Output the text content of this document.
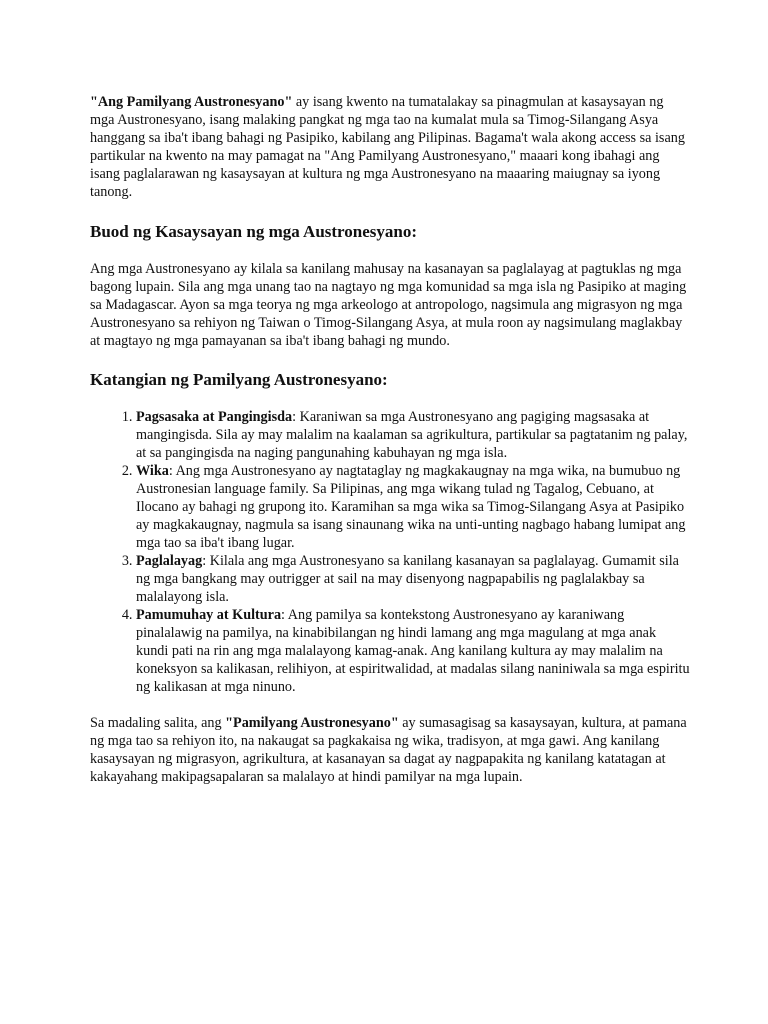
"Ang Pamilyang Austronesyano" ay isang kwento na tumatalakay sa pinagmulan at kasaysayan ng mga Austronesyano, isang malaking pangkat ng mga tao na kumalat mula sa Timog-Silangang Asya hanggang sa iba't ibang bahagi ng Pasipiko, kabilang ang Pilipinas. Bagama't wala akong access sa isang partikular na kwento na may pamagat na "Ang Pamilyang Austronesyano," maaari kong ibahagi ang isang paglalarawan ng kasaysayan at kultura ng mga Austronesyano na maaaring maiugnay sa iyong tanong.

Buod ng Kasaysayan ng mga Austronesyano:

Ang mga Austronesyano ay kilala sa kanilang mahusay na kasanayan sa paglalayag at pagtuklas ng mga bagong lupain. Sila ang mga unang tao na nagtayo ng mga komunidad sa mga isla ng Pasipiko at maging sa Madagascar. Ayon sa mga teorya ng mga arkeologo at antropologo, nagsimula ang migrasyon ng mga Austronesyano sa rehiyon ng Taiwan o Timog-Silangang Asya, at mula roon ay nagsimulang maglakbay at magtayo ng mga pamayanan sa iba't ibang bahagi ng mundo.

Katangian ng Pamilyang Austronesyano:
1. Pagsasaka at Pangingisda: Karaniwan sa mga Austronesyano ang pagiging magsasaka at mangingisda. Sila ay may malalim na kaalaman sa agrikultura, partikular sa pagtatanim ng palay, at sa pangingisda na naging pangunahing kabuhayan ng mga isla.
2. Wika: Ang mga Austronesyano ay nagtataglay ng magkakaugnay na mga wika, na bumubuo ng Austronesian language family. Sa Pilipinas, ang mga wikang tulad ng Tagalog, Cebuano, at Ilocano ay bahagi ng grupong ito. Karamihan sa mga wika sa Timog-Silangang Asya at Pasipiko ay magkakaugnay, nagmula sa isang sinaunang wika na unti-unting nagbago habang lumipat ang mga tao sa iba't ibang lugar.
3. Paglalayag: Kilala ang mga Austronesyano sa kanilang kasanayan sa paglalayag. Gumamit sila ng mga bangkang may outrigger at sail na may disenyong nagpapabilis ng paglalakbay sa malalayong isla.
4. Pamumuhay at Kultura: Ang pamilya sa kontekstong Austronesyano ay karaniwang pinalalawig na pamilya, na kinabibilangan ng hindi lamang ang mga magulang at mga anak kundi pati na rin ang mga malalayong kamag-anak. Ang kanilang kultura ay may malalim na koneksyon sa kalikasan, relihiyon, at espiritwalidad, at madalas silang naniniwala sa mga espiritu ng kalikasan at mga ninuno.

Sa madaling salita, ang "Pamilyang Austronesyano" ay sumasagisag sa kasaysayan, kultura, at pamana ng mga tao sa rehiyon ito, na nakaugat sa pagkakaisa ng wika, tradisyon, at mga gawi. Ang kanilang kasaysayan ng migrasyon, agrikultura, at kasanayan sa dagat ay nagpapakita ng kanilang katatagan at kakayahang makipagsapalaran sa malalayo at hindi pamilyar na mga lupain.
